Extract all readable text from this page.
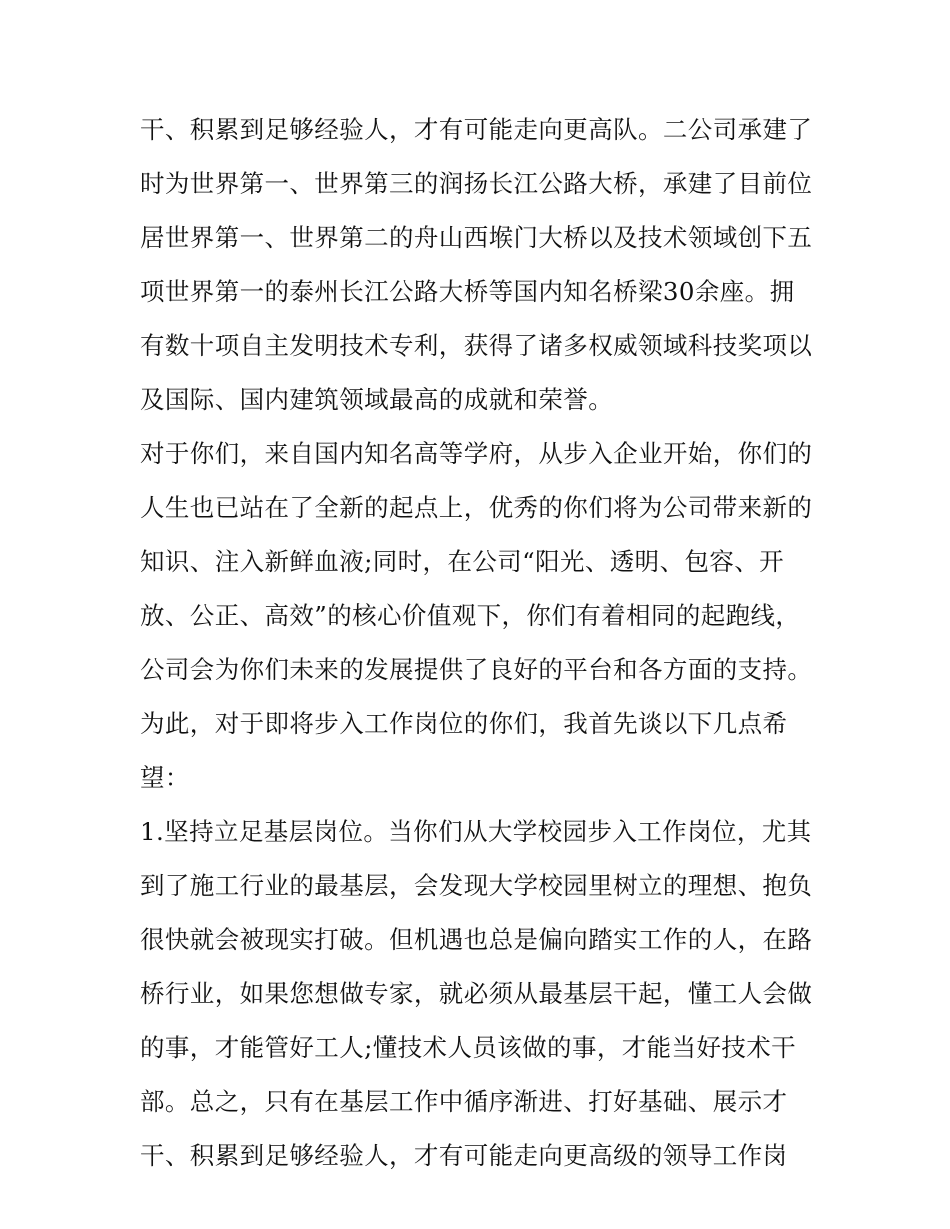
干、积累到足够经验人，才有可能走向更高队。二公司承建了

时为世界第一、世界第三的润扬长江公路大桥，承建了目前位

居世界第一、世界第二的舟山西堠门大桥以及技术领域创下五

项世界第一的泰州长江公路大桥等国内知名桥梁30余座。拥

有数十项自主发明技术专利，获得了诸多权威领域科技奖项以

及国际、国内建筑领域最高的成就和荣誉。

对于你们，来自国内知名高等学府，从步入企业开始，你们的

人生也已站在了全新的起点上，优秀的你们将为公司带来新的

知识、注入新鲜血液;同时，在公司“阳光、透明、包容、开

放、公正、高效”的核心价值观下，你们有着相同的起跑线，

公司会为你们未来的发展提供了良好的平台和各方面的支持。

为此，对于即将步入工作岗位的你们，我首先谈以下几点希

望：

1.坚持立足基层岗位。当你们从大学校园步入工作岗位，尤其

到了施工行业的最基层，会发现大学校园里树立的理想、抱负

很快就会被现实打破。但机遇也总是偏向踏实工作的人，在路

桥行业，如果您想做专家，就必须从最基层干起，懂工人会做

的事，才能管好工人;懂技术人员该做的事，才能当好技术干

部。总之，只有在基层工作中循序渐进、打好基础、展示才

干、积累到足够经验人，才有可能走向更高级的领导工作岗
